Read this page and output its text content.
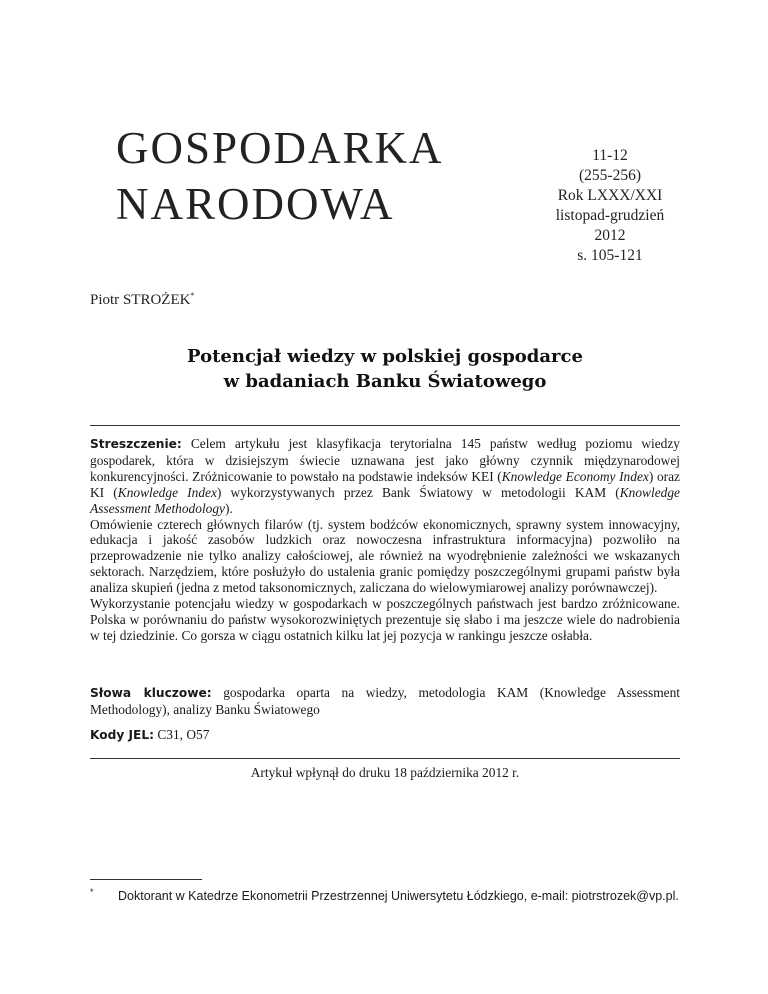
GOSPODARKA
NARODOWA
11-12
(255-256)
Rok LXXX/XXI
listopad-grudzień
2012
s. 105-121
Piotr STROŻEK*
Potencjał wiedzy w polskiej gospodarce
w badaniach Banku Światowego

Streszczenie: Celem artykułu jest klasyfikacja terytorialna 145 państw według poziomu wiedzy gospodarek, która w dzisiejszym świecie uznawana jest jako główny czynnik międzynarodowej konkurencyjności. Zróżnicowanie to powstało na podstawie indeksów KEI (Knowledge Economy Index) oraz KI (Knowledge Index) wykorzystywanych przez Bank Światowy w metodologii KAM (Knowledge Assessment Methodology).

Omówienie czterech głównych filarów (tj. system bodźców ekonomicznych, sprawny system innowacyjny, edukacja i jakość zasobów ludzkich oraz nowoczesna infrastruktura informacyjna) pozwoliło na przeprowadzenie nie tylko analizy całościowej, ale również na wyodrębnienie zależności we wskazanych sektorach. Narzędziem, które posłużyło do ustalenia granic pomiędzy poszczególnymi grupami państw była analiza skupień (jedna z metod taksonomicznych, zaliczana do wielowymiarowej analizy porównawczej).

Wykorzystanie potencjału wiedzy w gospodarkach w poszczególnych państwach jest bardzo zróżnicowane. Polska w porównaniu do państw wysokorozwiniętych prezentuje się słabo i ma jeszcze wiele do nadrobienia w tej dziedzinie. Co gorsza w ciągu ostatnich kilku lat jej pozycja w rankingu jeszcze osłabła.

Słowa kluczowe: gospodarka oparta na wiedzy, metodologia KAM (Knowledge Assessment Methodology), analizy Banku Światowego
Kody JEL: C31, O57
Artykuł wpłynął do druku 18 października 2012 r.
*	Doktorant w Katedrze Ekonometrii Przestrzennej Uniwersytetu Łódzkiego, e-mail: piotrstrozek@vp.pl.
